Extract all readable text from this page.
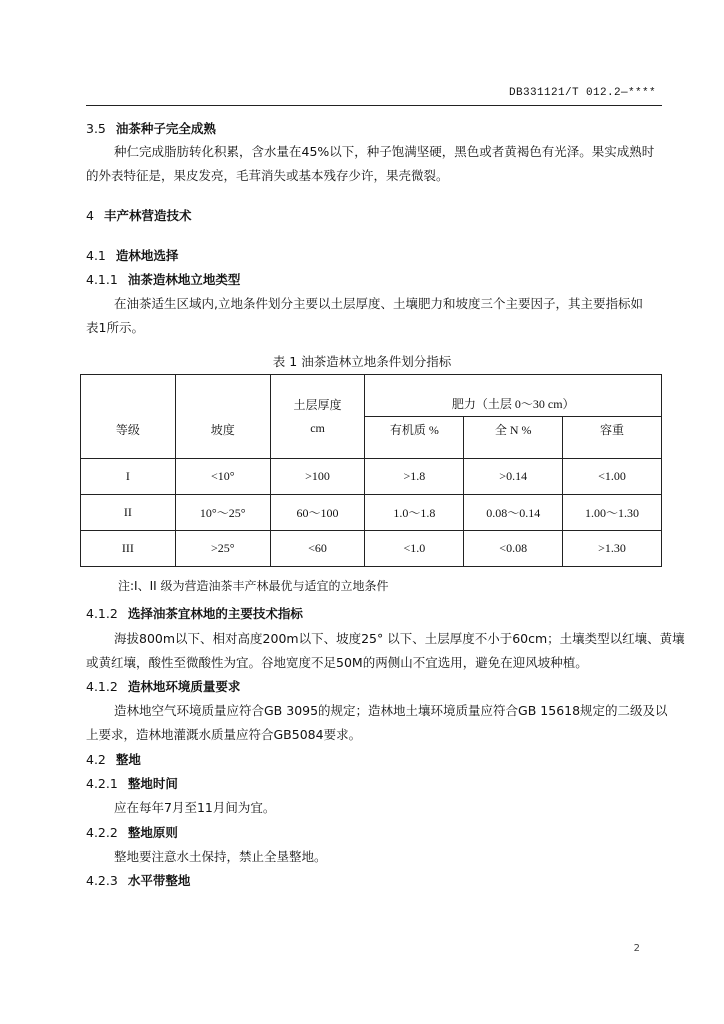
DB331121/T 012.2—****
3.5 油茶种子完全成熟
种仁完成脂肪转化积累，含水量在45%以下，种子饱满坚硬，黑色或者黄褐色有光泽。果实成熟时
的外表特征是，果皮发亮，毛茸消失或基本残存少许，果壳微裂。
4 丰产林营造技术
4.1 造林地选择
4.1.1 油茶造林地立地类型
在油茶适生区域内,立地条件划分主要以土层厚度、土壤肥力和坡度三个主要因子，其主要指标如
表1所示。
表 1 油茶造林立地条件划分指标
		土层厚度	肥力（土层 0～30 cm）		
等级	坡度	cm	有机质 %	全 N %	容重
I	<10°	>100	>1.8	>0.14	<1.00
II	10°～25°	60～100	1.0～1.8	0.08～0.14	1.00～1.30
III	>25°	<60	<1.0	<0.08	>1.30
注:I、II 级为营造油茶丰产林最优与适宜的立地条件
4.1.2 选择油茶宜林地的主要技术指标
海拔800m以下、相对高度200m以下、坡度25° 以下、土层厚度不小于60cm；土壤类型以红壤、黄壤
或黄红壤，酸性至微酸性为宜。谷地宽度不足50M的两侧山不宜选用，避免在迎风坡种植。
4.1.2 造林地环境质量要求
造林地空气环境质量应符合GB 3095的规定；造林地土壤环境质量应符合GB 15618规定的二级及以
上要求，造林地灌溉水质量应符合GB5084要求。
4.2 整地
4.2.1 整地时间
应在每年7月至11月间为宜。
4.2.2 整地原则
整地要注意水土保持，禁止全垦整地。
4.2.3 水平带整地
2
